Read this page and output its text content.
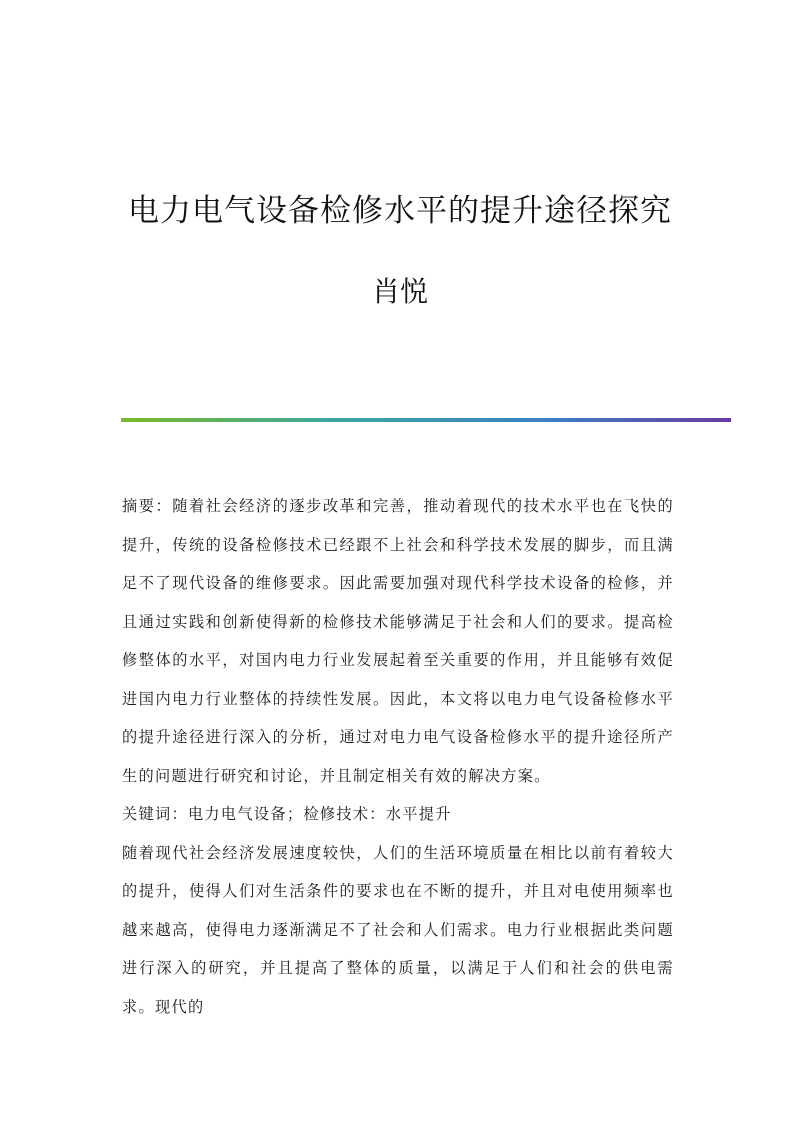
电力电气设备检修水平的提升途径探究
肖悦

摘要：随着社会经济的逐步改革和完善，推动着现代的技术水平也在飞快的提升，传统的设备检修技术已经跟不上社会和科学技术发展的脚步，而且满足不了现代设备的维修要求。因此需要加强对现代科学技术设备的检修，并且通过实践和创新使得新的检修技术能够满足于社会和人们的要求。提高检修整体的水平，对国内电力行业发展起着至关重要的作用，并且能够有效促进国内电力行业整体的持续性发展。因此，本文将以电力电气设备检修水平的提升途径进行深入的分析，通过对电力电气设备检修水平的提升途径所产生的问题进行研究和讨论，并且制定相关有效的解决方案。

关键词：电力电气设备；检修技术：水平提升

随着现代社会经济发展速度较快，人们的生活环境质量在相比以前有着较大的提升，使得人们对生活条件的要求也在不断的提升，并且对电使用频率也越来越高，使得电力逐渐满足不了社会和人们需求。电力行业根据此类问题进行深入的研究，并且提高了整体的质量，以满足于人们和社会的供电需求。现代的
